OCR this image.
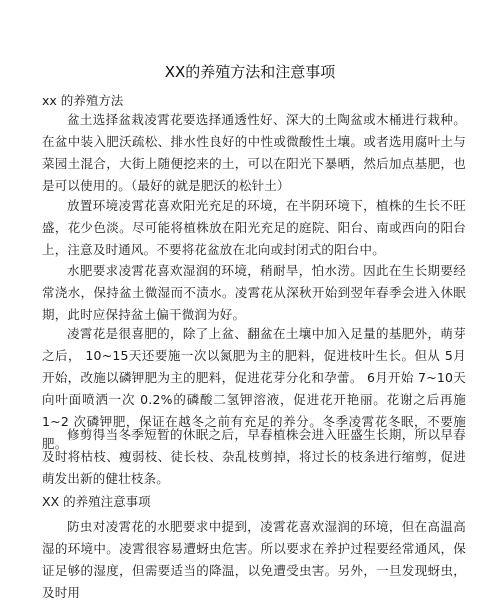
XX的养殖方法和注意事项
xx 的养殖方法
盆土选择盆栽凌霄花要选择通透性好、深大的土陶盆或木桶进行栽种。在盆中装入肥沃疏松、排水性良好的中性或微酸性土壤。或者选用腐叶土与菜园土混合，大街上随便挖来的土，可以在阳光下暴晒，然后加点基肥，也是可以使用的。（最好的就是肥沃的松针土）
放置环境凌霄花喜欢阳光充足的环境，在半阴环境下，植株的生长不旺盛，花少色淡。尽可能将植株放在阳光充足的庭院、阳台、南或西向的阳台上，注意及时通风。不要将花盆放在北向或封闭式的阳台中。
水肥要求凌霄花喜欢湿润的环境，稍耐旱，怕水涝。因此在生长期要经常浇水，保持盆土微湿而不渍水。凌霄花从深秋开始到翌年春季会进入休眠期，此时应保持盆土偏干微润为好。
凌霄花是很喜肥的，除了上盆、翻盆在土壤中加入足量的基肥外，萌芽之后， 10~15天还要施一次以氮肥为主的肥料，促进枝叶生长。但从 5月开始，改施以磷钾肥为主的肥料，促进花芽分化和孕蕾。 6月开始 7~10天向叶面喷洒一次 0.2%的磷酸二氢钾溶液，促进花开艳丽。花谢之后再施 1~2 次磷钾肥，保证在越冬之前有充足的养分。冬季凌霄花冬眠，不要施肥。
修剪得当冬季短暂的休眠之后，早春植株会进入旺盛生长期，所以早春及时将枯枝、瘦弱枝、徒长枝、杂乱枝剪掉，将过长的枝条进行缩剪，促进萌发出新的健壮枝条。
XX 的养殖注意事项
防虫对凌霄花的水肥要求中提到，凌霄花喜欢湿润的环境，但在高温高湿的环境中。凌霄很容易遭蚜虫危害。所以要求在养护过程要经常通风，保证足够的湿度，但需要适当的降温，以免遭受虫害。另外，一旦发现蚜虫，及时用
